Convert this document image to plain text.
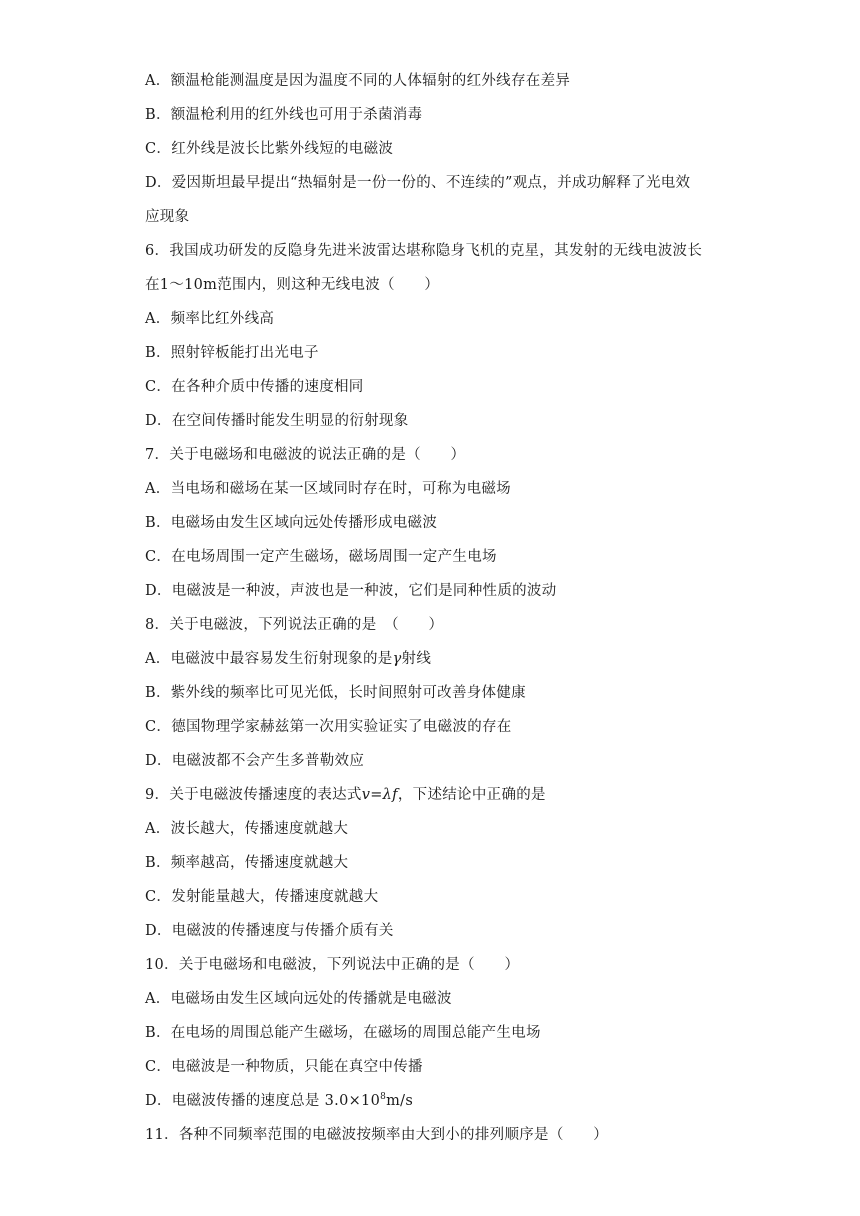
A．额温枪能测温度是因为温度不同的人体辐射的红外线存在差异
B．额温枪利用的红外线也可用于杀菌消毒
C．红外线是波长比紫外线短的电磁波
D．爱因斯坦最早提出“热辐射是一份一份的、不连续的”观点，并成功解释了光电效
应现象
6．我国成功研发的反隐身先进米波雷达堪称隐身飞机的克星，其发射的无线电波波长
在1～10m范围内，则这种无线电波（　　）
A．频率比红外线高
B．照射锌板能打出光电子
C．在各种介质中传播的速度相同
D．在空间传播时能发生明显的衍射现象
7．关于电磁场和电磁波的说法正确的是（　　）
A．当电场和磁场在某一区域同时存在时，可称为电磁场
B．电磁场由发生区域向远处传播形成电磁波
C．在电场周围一定产生磁场，磁场周围一定产生电场
D．电磁波是一种波，声波也是一种波，它们是同种性质的波动
8．关于电磁波，下列说法正确的是　（　　）
A．电磁波中最容易发生衍射现象的是γ射线
B．紫外线的频率比可见光低，长时间照射可改善身体健康
C．德国物理学家赫兹第一次用实验证实了电磁波的存在
D．电磁波都不会产生多普勒效应
9．关于电磁波传播速度的表达式v=λf，下述结论中正确的是
A．波长越大，传播速度就越大
B．频率越高，传播速度就越大
C．发射能量越大，传播速度就越大
D．电磁波的传播速度与传播介质有关
10．关于电磁场和电磁波，下列说法中正确的是（　　）
A．电磁场由发生区域向远处的传播就是电磁波
B．在电场的周围总能产生磁场，在磁场的周围总能产生电场
C．电磁波是一种物质，只能在真空中传播
D．电磁波传播的速度总是 $3.0\times 10^8m/s$
11．各种不同频率范围的电磁波按频率由大到小的排列顺序是（　　）
